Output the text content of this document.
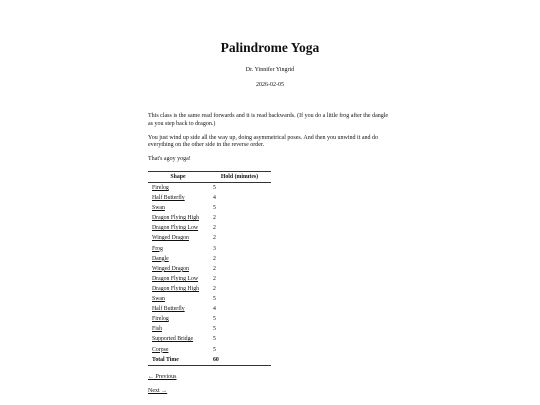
Palindrome Yoga
Dr. Yinnifer Yingrid
2026-02-05

This class is the same read forwards and it is read backwards. (If you do a little frog after the dangle as you step back to dragon.)

You just wind up side all the way up, doing asymmetrical poses. And then you unwind it and do everything on the other side in the reverse order.

That's agoy yoga!

Shape	Hold (minutes)
Firelog	5
Half Butterfly	4
Swan	5
Dragon Flying High	2
Dragon Flying Low	2
Winged Dragon	2
Frog	3
Dangle	2
Winged Dragon	2
Dragon Flying Low	2
Dragon Flying High	2
Swan	5
Half Butterfly	4
Firelog	5
Fish	5
Supported Bridge	5
Corpse	5
Total Time	60
← Previous
Next →
